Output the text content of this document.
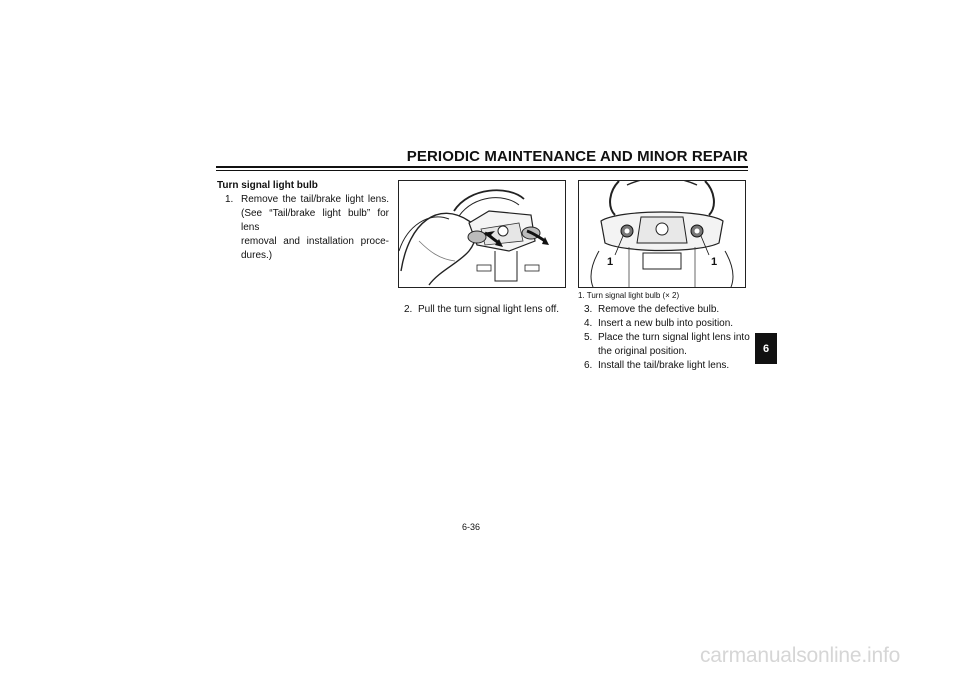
PERIODIC MAINTENANCE AND MINOR REPAIR
Turn signal light bulb
1. Remove the tail/brake light lens.
(See “Tail/brake light bulb” for lens
removal and installation proce-
dures.)
1	1
1. Turn signal light bulb (× 2)
2. Pull the turn signal light lens off.	3. Remove the defective bulb.
4. Insert a new bulb into position.
5. Place the turn signal light lens into
the original position.
6. Install the tail/brake light lens.
6
6-36
carmanualsonline.info
